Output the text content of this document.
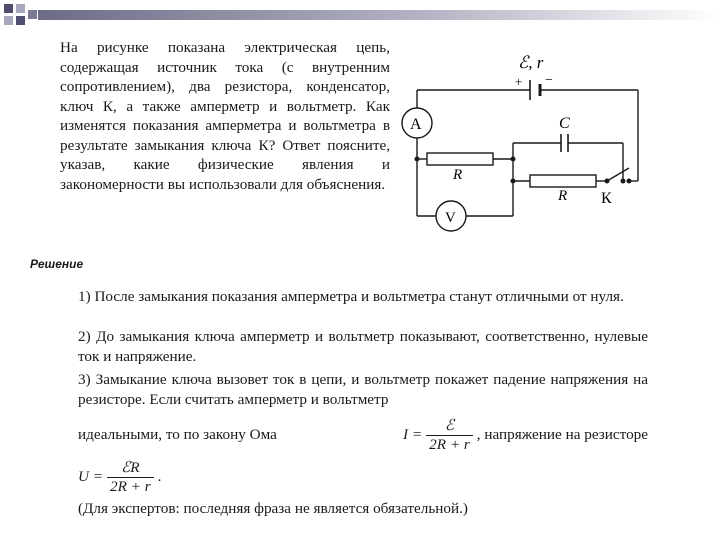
На рисунке показана электрическая цепь, содержащая источник тока (с внутренним сопротивлением), два резистора, конденсатор, ключ К, а также амперметр и вольтметр. Как изменятся показания амперметра и вольтметра в результате замыкания ключа К? Ответ поясните, указав, какие физические явления и закономерности вы использовали для объяснения.

ℰ, r
+ −
A
V
C
R
R К
Решение

1) После замыкания показания амперметра и вольтметра станут отличными от нуля.

2) До замыкания ключа амперметр и вольтметр показывают, соответственно, нулевые ток и напряжение.

3) Замыкание ключа вызовет ток в цепи, и вольтметр покажет падение напряжения на резисторе. Если считать амперметр и вольтметр

идеальными, то по закону Ома	$I = \frac{\text{ℰ}}{2R + r}$ , напряжение на резисторе
$U = \frac{\text{ℰR}}{2R + r}$ .
(Для экспертов: последняя фраза не является обязательной.)
